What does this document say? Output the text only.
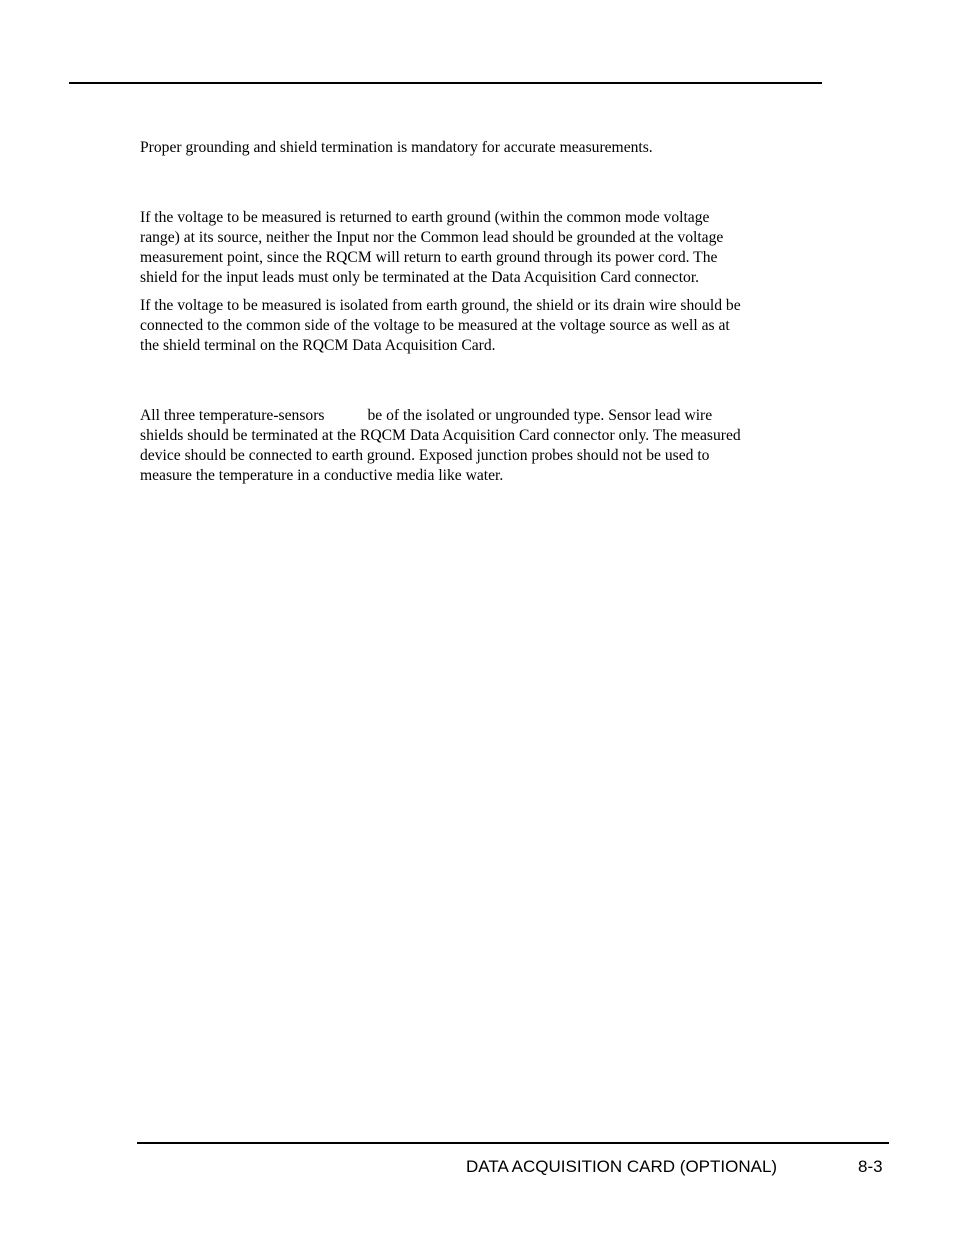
Proper grounding and shield termination is mandatory for accurate measurements.

If the voltage to be measured is returned to earth ground (within the common mode voltage
range) at its source, neither the Input nor the Common lead should be grounded at the voltage
measurement point, since the RQCM will return to earth ground through its power cord. The
shield for the input leads must only be terminated at the Data Acquisition Card connector.

If the voltage to be measured is isolated from earth ground, the shield or its drain wire should be
connected to the common side of the voltage to be measured at the voltage source as well as at
the shield terminal on the RQCM Data Acquisition Card.

All three temperature-sensors	be of the isolated or ungrounded type. Sensor lead wire
shields should be terminated at the RQCM Data Acquisition Card connector only. The measured
device should be connected to earth ground. Exposed junction probes should not be used to
measure the temperature in a conductive media like water.

DATA ACQUISITION CARD (OPTIONAL)	8-3
